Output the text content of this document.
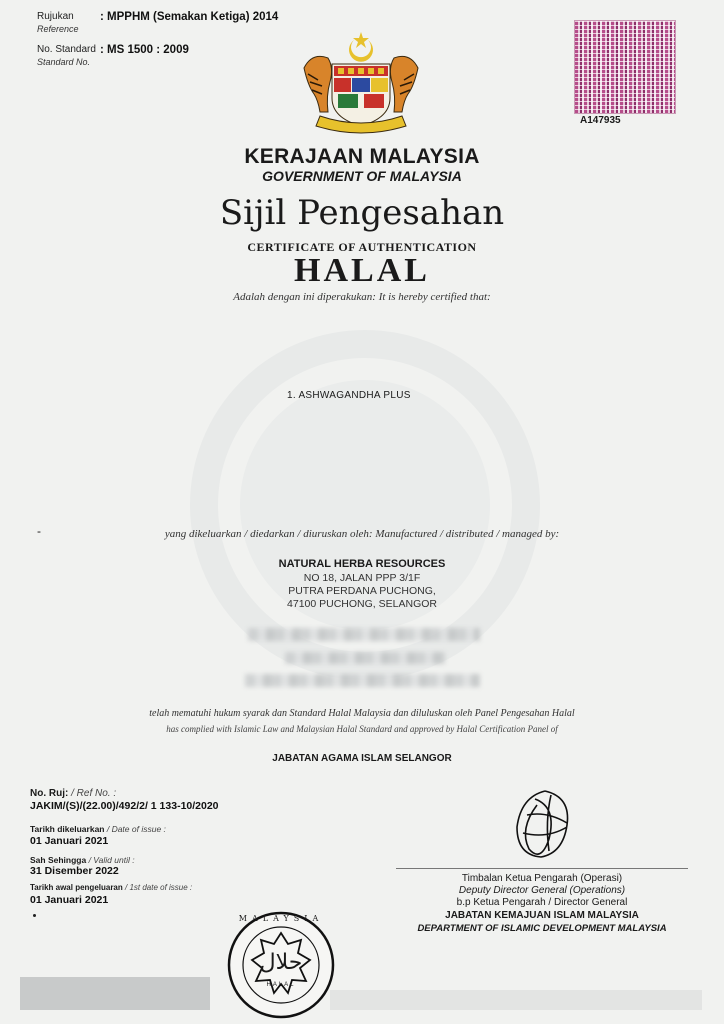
Rujukan
Reference
: MPPHM (Semakan Ketiga) 2014
No. Standard
Standard No.
: MS 1500 : 2009
A147935
KERAJAAN MALAYSIA
GOVERNMENT OF MALAYSIA
Sijil Pengesahan
CERTIFICATE OF AUTHENTICATION
HALAL
Adalah dengan ini diperakukan: It is hereby certified that:
1. ASHWAGANDHA PLUS
-	yang dikeluarkan / diedarkan / diuruskan oleh: Manufactured / distributed / managed by:
NATURAL HERBA RESOURCES
NO 18, JALAN PPP 3/1F
PUTRA PERDANA PUCHONG,
47100 PUCHONG, SELANGOR
telah mematuhi hukum syarak dan Standard Halal Malaysia dan diluluskan oleh Panel Pengesahan Halal
has complied with Islamic Law and Malaysian Halal Standard and approved by Halal Certification Panel of
JABATAN AGAMA ISLAM SELANGOR
No. Ruj: / Ref No. :
JAKIM/(S)/(22.00)/492/2/ 1 133-10/2020
Tarikh dikeluarkan / Date of issue :
01 Januari 2021
Sah Sehingga / Valid until :
31 Disember 2022
Tarikh awal pengeluaran / 1st date of issue :
01 Januari 2021
Timbalan Ketua Pengarah (Operasi)
Deputy Director General (Operations)
b.p Ketua Pengarah / Director General
JABATAN KEMAJUAN ISLAM MALAYSIA
DEPARTMENT OF ISLAMIC DEVELOPMENT MALAYSIA
MALAYSIA
حلال
HALAL
